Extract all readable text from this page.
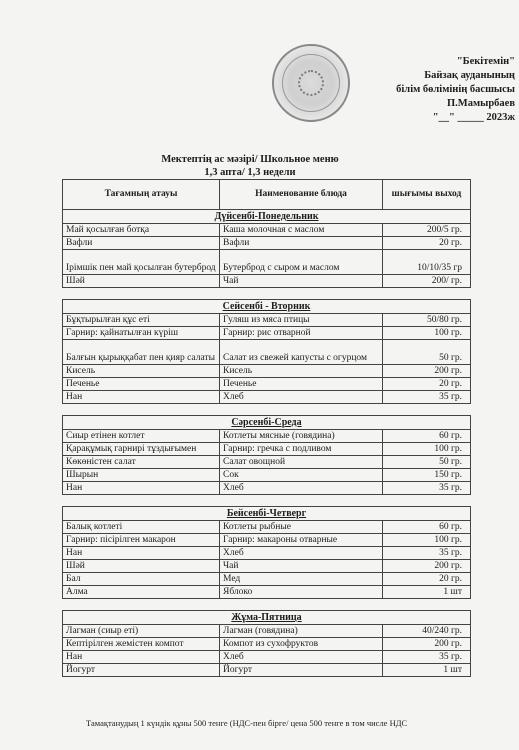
"Бекітемін"
Байзақ ауданының
білім бөлімінің басшысы
П.Мамырбаев
"__" _____ 2023ж
Мектептің ас мәзірі/ Школьное меню
1,3 апта/ 1,3 недели
Тағамның атауы	Наименование блюда	шығымы выход
Дүйсенбі-Понедельник		
Май қосылған ботқа	Каша молочная с маслом	200/5 гр.
Вафли	Вафли	20 гр.
Ірімшік пен май қосылған бутерброд	Бутерброд с сыром и маслом	10/10/35 гр
Шәй	Чай	200/ гр.

Сейсенбі - Вторник		
Бұқтырылған құс еті	Гуляш из мяса птицы	50/80 гр.
Гарнир: қайнатылған күріш	Гарнир: рис отварной	100 гр.
Балғын қырыққабат пен қияр салаты	Салат из свежей капусты с огурцом	50 гр.
Кисель	Кисель	200 гр.
Печенье	Печенье	20 гр.
Нан	Хлеб	35 гр.

Сәрсенбі-Среда		
Сиыр етінен котлет	Котлеты мясные (говядина)	60 гр.
Қарақұмық гарнирі тұздығымен	Гарнир: гречка с подливом	100 гр.
Көкөністен салат	Салат овощной	50 гр.
Шырын	Сок	150 гр.
Нан	Хлеб	35 гр.

Бейсенбі-Четверг		
Балық котлеті	Котлеты рыбные	60 гр.
Гарнир: пісірілген макарон	Гарнир: макароны отварные	100 гр.
Нан	Хлеб	35 гр.
Шәй	Чай	200 гр.
Бал	Мед	20 гр.
Алма	Яблоко	1 шт

Жұма-Пятница		
Лагман (сиыр еті)	Лагман (говядина)	40/240 гр.
Кептірілген жемістен компот	Компот из сухофруктов	200 гр.
Нан	Хлеб	35 гр.
Йогурт	Йогурт	1 шт
Тамақтанудың 1 күндік құны 500 тенге (НДС-пен бірге/ цена 500 тенге в том числе НДС
